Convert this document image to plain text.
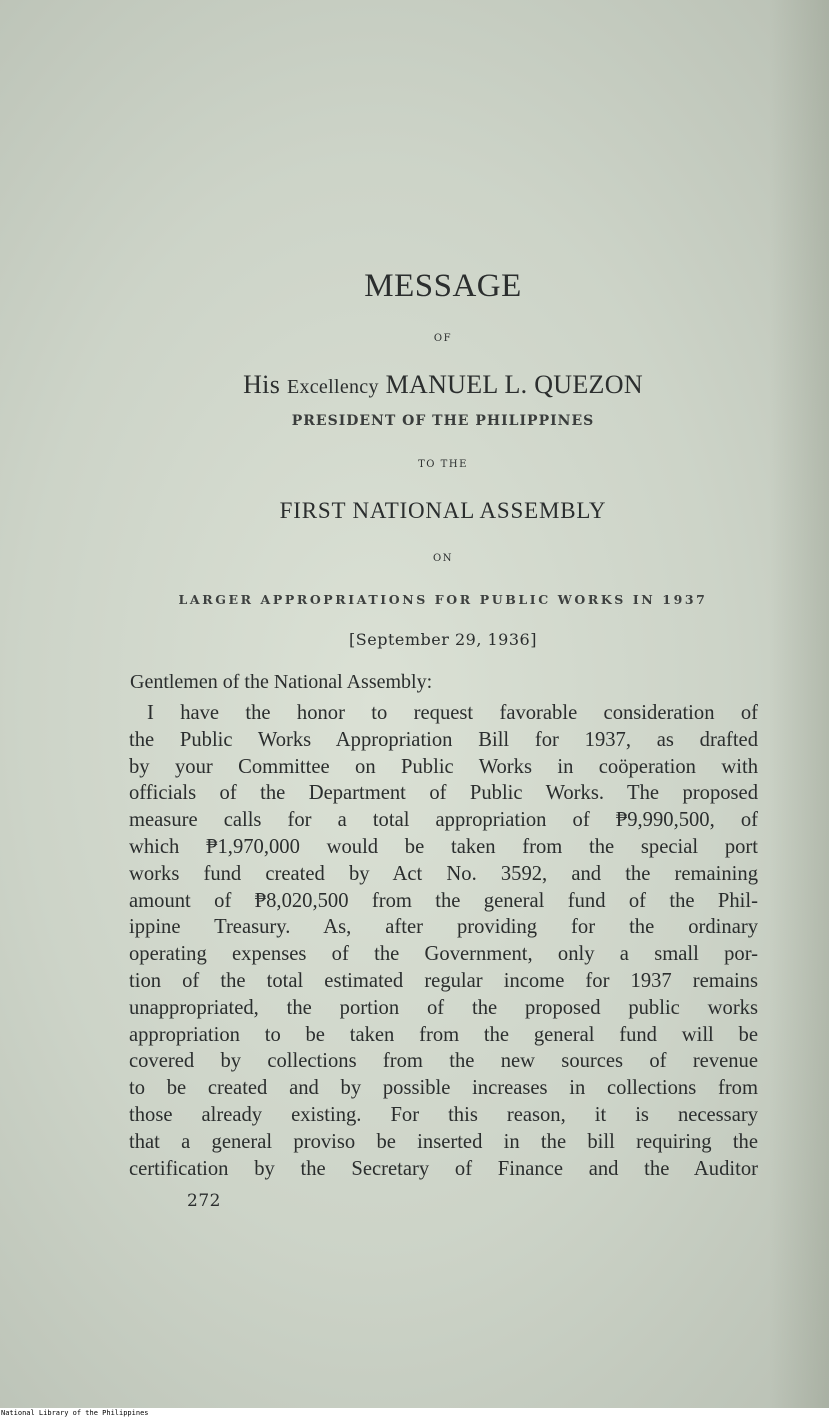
MESSAGE
OF
His Excellency MANUEL L. QUEZON
PRESIDENT OF THE PHILIPPINES
TO THE
FIRST NATIONAL ASSEMBLY
ON
LARGER APPROPRIATIONS FOR PUBLIC WORKS IN 1937
[September 29, 1936]
Gentlemen of the National Assembly:
I have the honor to request favorable consideration of
the Public Works Appropriation Bill for 1937, as drafted
by your Committee on Public Works in coöperation with
officials of the Department of Public Works. The proposed
measure calls for a total appropriation of ₱9,990,500, of
which ₱1,970,000 would be taken from the special port
works fund created by Act No. 3592, and the remaining
amount of ₱8,020,500 from the general fund of the Phil-
ippine Treasury. As, after providing for the ordinary
operating expenses of the Government, only a small por-
tion of the total estimated regular income for 1937 remains
unappropriated, the portion of the proposed public works
appropriation to be taken from the general fund will be
covered by collections from the new sources of revenue
to be created and by possible increases in collections from
those already existing. For this reason, it is necessary
that a general proviso be inserted in the bill requiring the
certification by the Secretary of Finance and the Auditor
272
National Library of the Philippines
